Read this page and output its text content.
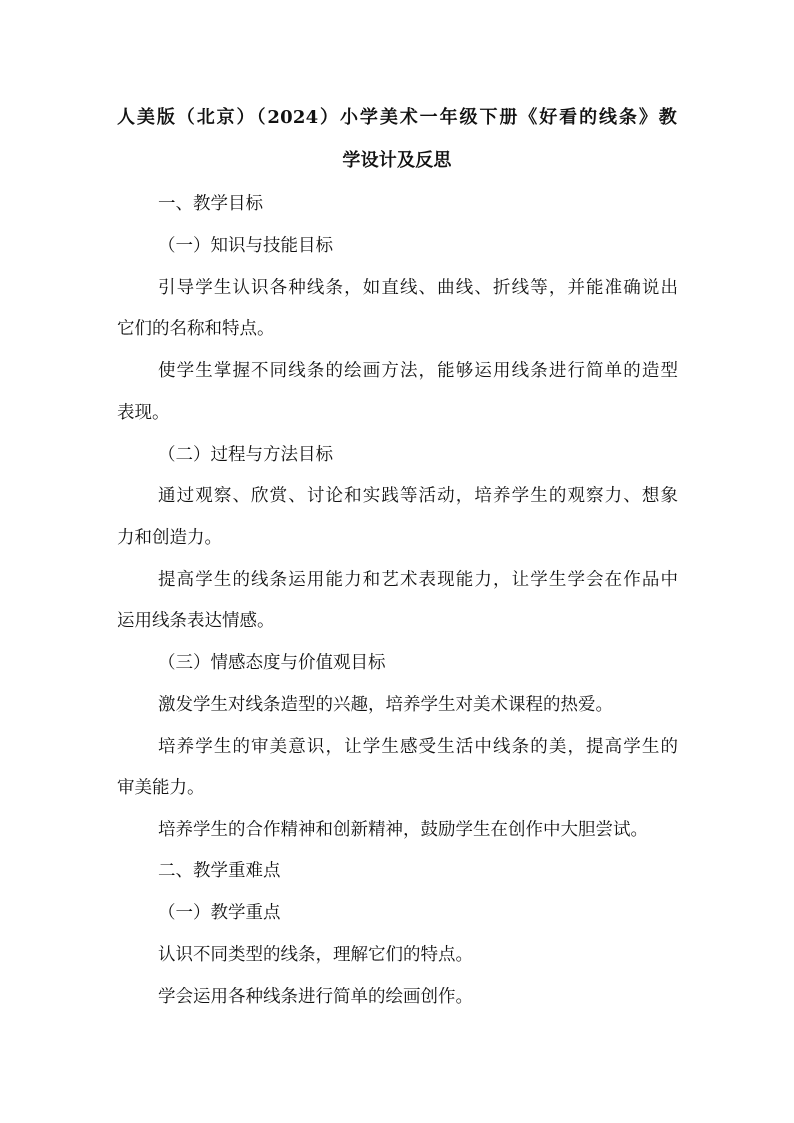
人美版（北京）（2024）小学美术一年级下册《好看的线条》教
学设计及反思
一、教学目标
（一）知识与技能目标
引导学生认识各种线条，如直线、曲线、折线等，并能准确说出
它们的名称和特点。
使学生掌握不同线条的绘画方法，能够运用线条进行简单的造型
表现。
（二）过程与方法目标
通过观察、欣赏、讨论和实践等活动，培养学生的观察力、想象
力和创造力。
提高学生的线条运用能力和艺术表现能力，让学生学会在作品中
运用线条表达情感。
（三）情感态度与价值观目标
激发学生对线条造型的兴趣，培养学生对美术课程的热爱。
培养学生的审美意识，让学生感受生活中线条的美，提高学生的
审美能力。
培养学生的合作精神和创新精神，鼓励学生在创作中大胆尝试。
二、教学重难点
（一）教学重点
认识不同类型的线条，理解它们的特点。
学会运用各种线条进行简单的绘画创作。
